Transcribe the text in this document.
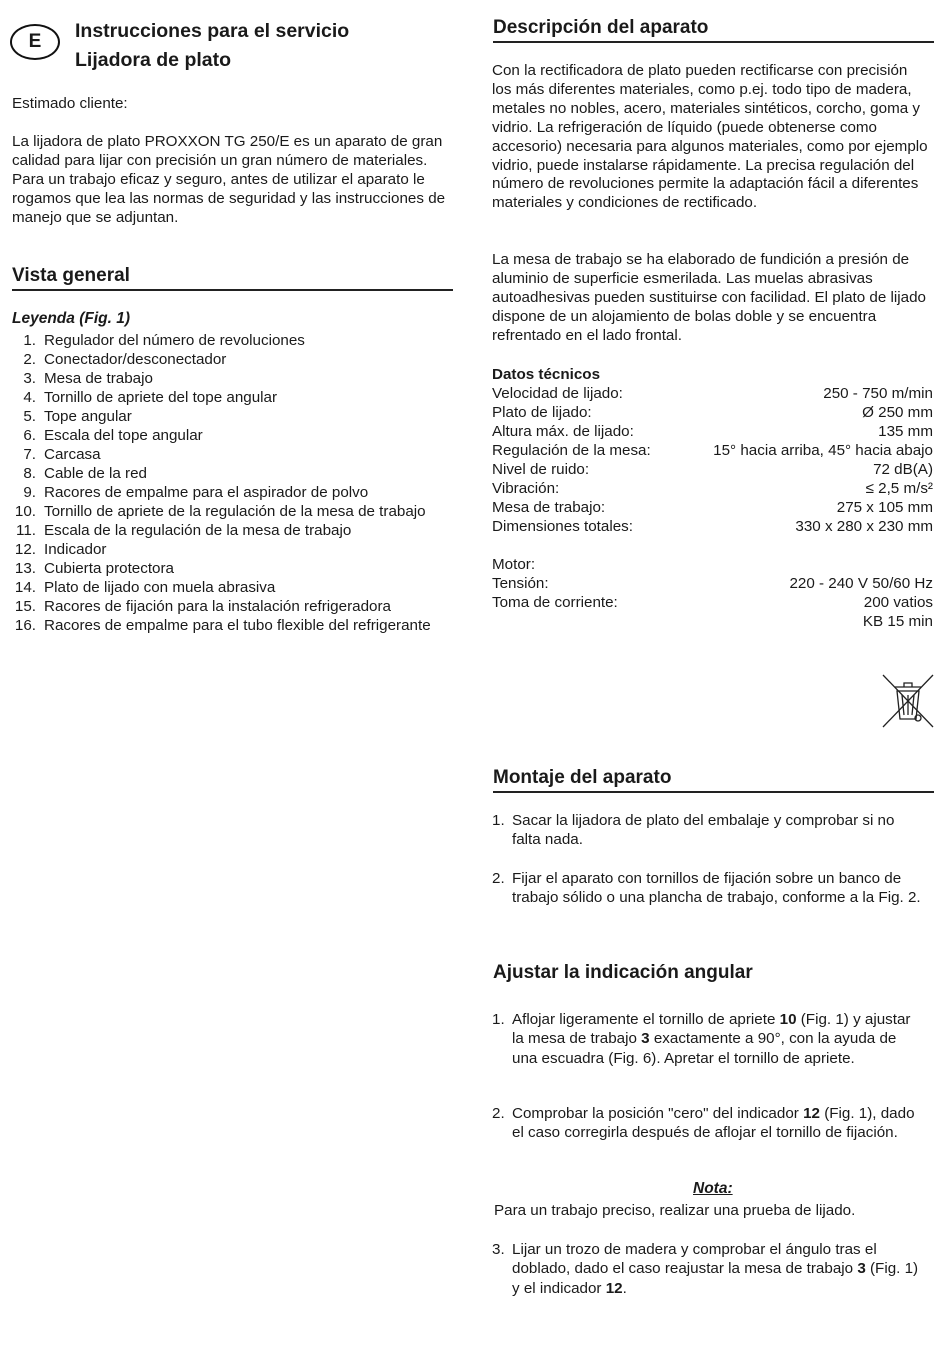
E	Instrucciones para el servicio
Lijadora de plato

Estimado cliente:

La lijadora de plato PROXXON TG 250/E es un aparato de gran calidad para lijar con precisión un gran número de materiales. Para un trabajo eficaz y seguro, antes de utilizar el aparato le rogamos que lea las normas de seguridad y las instrucciones de manejo que se adjuntan.

Vista general
Leyenda (Fig. 1)
1. Regulador del número de revoluciones
2. Conectador/desconectador
3. Mesa de trabajo
4. Tornillo de apriete del tope angular
5. Tope angular
6. Escala del tope angular
7. Carcasa
8. Cable de la red
9. Racores de empalme para el aspirador de polvo
10. Tornillo de apriete de la regulación de la mesa de trabajo
11. Escala de la regulación de la mesa de trabajo
12. Indicador
13. Cubierta protectora
14. Plato de lijado con muela abrasiva
15. Racores de fijación para la instalación refrigeradora
16. Racores de empalme para el tubo flexible del refrigerante
Descripción del aparato

Con la rectificadora de plato pueden rectificarse con precisión los más diferentes materiales, como p.ej. todo tipo de madera, metales no nobles, acero, materiales sintéticos, corcho, goma y vidrio. La refrigeración de líquido (puede obtenerse como accesorio) necesaria para algunos materiales, como por ejemplo vidrio, puede instalarse rápidamente. La precisa regulación del número de revoluciones permite la adaptación fácil a diferentes materiales y condiciones de rectificado.

La mesa de trabajo se ha elaborado de fundición a presión de aluminio de superficie esmerilada. Las muelas abrasivas autoadhesivas pueden sustituirse con facilidad. El plato de lijado dispone de un alojamiento de bolas doble y se encuentra refrentado en el lado frontal.

Datos técnicos
Velocidad de lijado:	250 - 750 m/min
Plato de lijado:	Ø 250 mm
Altura máx. de lijado:	135 mm
Regulación de la mesa:	15° hacia arriba, 45° hacia abajo
Nivel de ruido:	72 dB(A)
Vibración:	≤ 2,5 m/s²
Mesa de trabajo:	275 x 105 mm
Dimensiones totales:	330 x 280 x 230 mm
Motor:
Tensión:	220 - 240 V 50/60 Hz
Toma de corriente:	200 vatios
KB 15 min
Montaje del aparato
1. Sacar la lijadora de plato del embalaje y comprobar si no falta nada.
2. Fijar el aparato con tornillos de fijación sobre un banco de trabajo sólido o una plancha de trabajo, conforme a la Fig. 2.
Ajustar la indicación angular
1. Aflojar ligeramente el tornillo de apriete 10 (Fig. 1) y ajustar la mesa de trabajo 3 exactamente a 90°, con la ayuda de una escuadra (Fig. 6). Apretar el tornillo de apriete.
2. Comprobar la posición "cero" del indicador 12 (Fig. 1), dado el caso corregirla después de aflojar el tornillo de fijación.
Nota:

Para un trabajo preciso, realizar una prueba de lijado.

3. Lijar un trozo de madera y comprobar el ángulo tras el doblado, dado el caso reajustar la mesa de trabajo 3 (Fig. 1) y el indicador 12.
